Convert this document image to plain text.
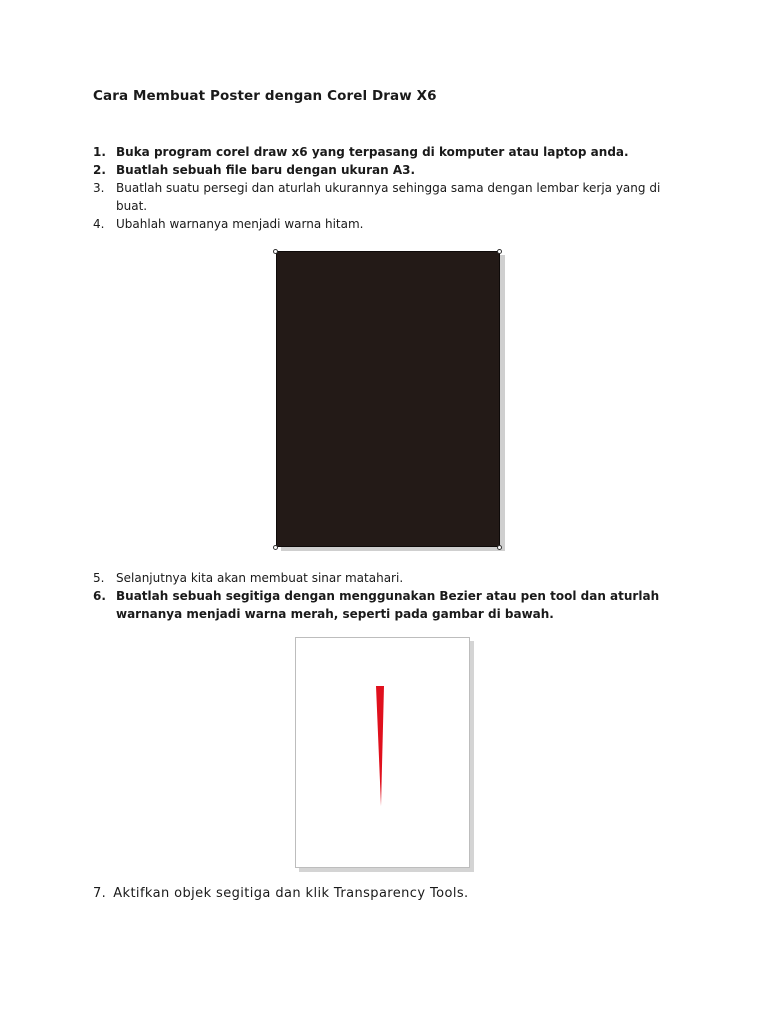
Cara Membuat Poster dengan Corel Draw X6
1. Buka program corel draw x6 yang terpasang di komputer atau laptop anda.
2. Buatlah sebuah file baru dengan ukuran A3.
3. Buatlah suatu persegi dan aturlah ukurannya sehingga sama dengan lembar kerja yang di buat.
4. Ubahlah warnanya menjadi warna hitam.
5. Selanjutnya kita akan membuat sinar matahari.
6. Buatlah sebuah segitiga dengan menggunakan Bezier atau pen tool dan aturlah warnanya menjadi warna merah, seperti pada gambar di bawah.
7. Aktifkan objek segitiga dan klik Transparency Tools.
